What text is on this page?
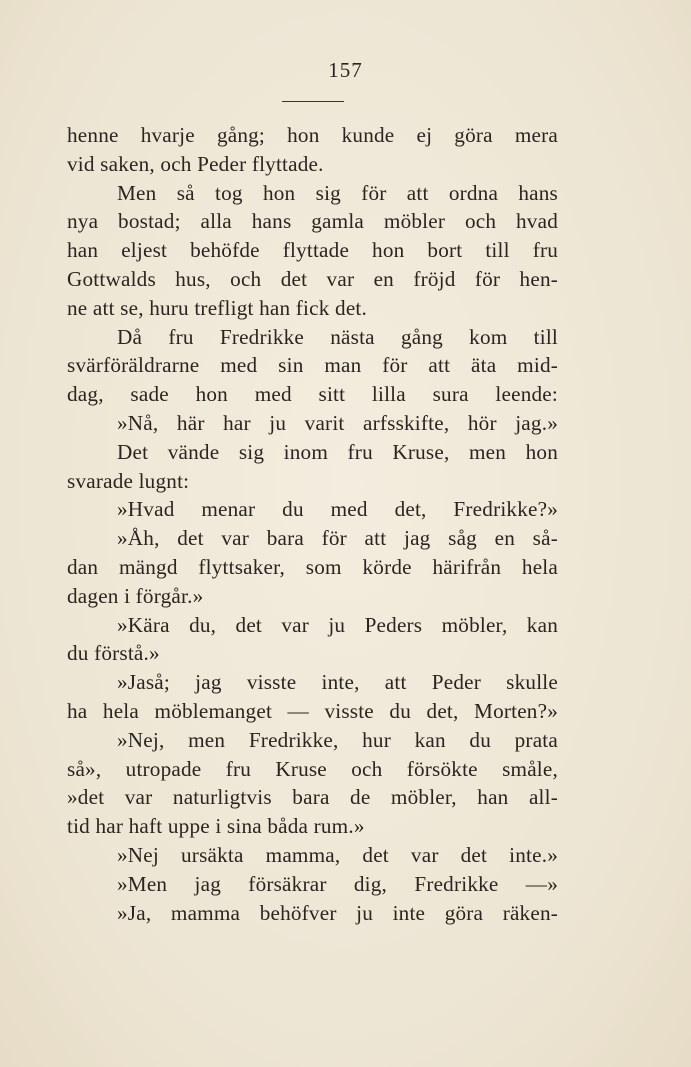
157
henne hvarje gång; hon kunde ej göra mera
vid saken, och Peder flyttade.
Men så tog hon sig för att ordna hans
nya bostad; alla hans gamla möbler och hvad
han eljest behöfde flyttade hon bort till fru
Gottwalds hus, och det var en fröjd för hen-
ne att se, huru trefligt han fick det.
Då fru Fredrikke nästa gång kom till
svärföräldrarne med sin man för att äta mid-
dag, sade hon med sitt lilla sura leende:
»Nå, här har ju varit arfsskifte, hör jag.»
Det vände sig inom fru Kruse, men hon
svarade lugnt:
»Hvad menar du med det, Fredrikke?»
»Åh, det var bara för att jag såg en så-
dan mängd flyttsaker, som körde härifrån hela
dagen i förgår.»
»Kära du, det var ju Peders möbler, kan
du förstå.»
»Jaså; jag visste inte, att Peder skulle
ha hela möblemanget — visste du det, Morten?»
»Nej, men Fredrikke, hur kan du prata
så», utropade fru Kruse och försökte småle,
»det var naturligtvis bara de möbler, han all-
tid har haft uppe i sina båda rum.»
»Nej ursäkta mamma, det var det inte.»
»Men jag försäkrar dig, Fredrikke —»
»Ja, mamma behöfver ju inte göra räken-
